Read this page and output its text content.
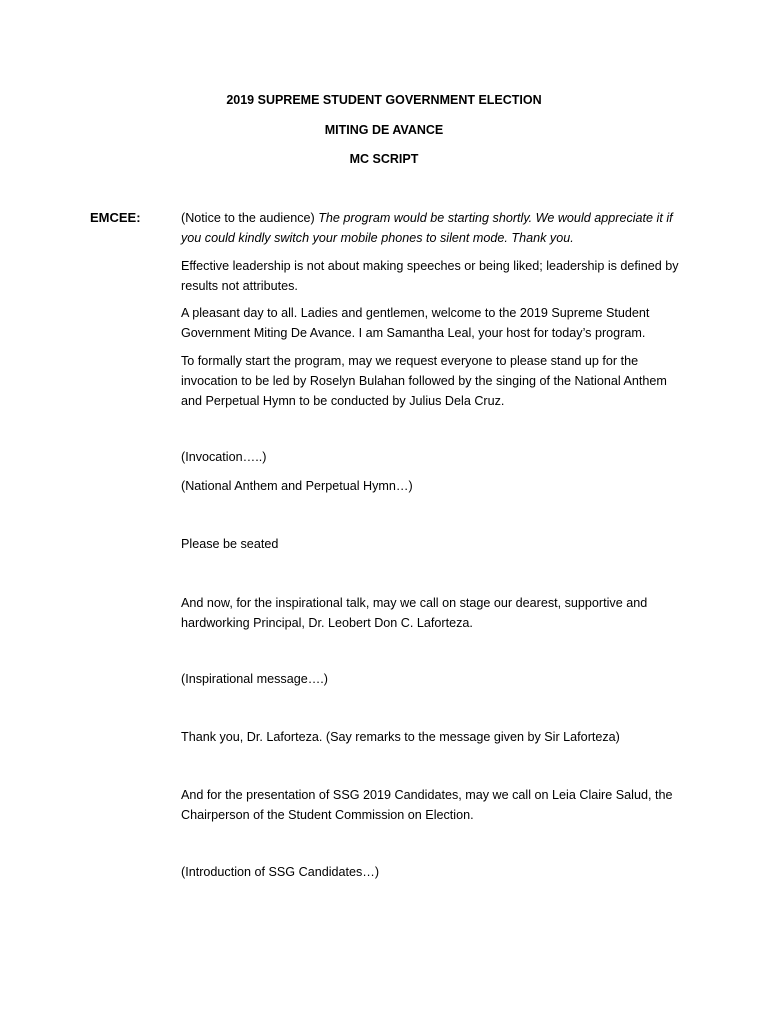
2019 SUPREME STUDENT GOVERNMENT ELECTION
MITING DE AVANCE
MC SCRIPT
EMCEE:	(Notice to the audience) The program would be starting shortly. We would appreciate it if you could kindly switch your mobile phones to silent mode. Thank you.

Effective leadership is not about making speeches or being liked; leadership is defined by results not attributes.

A pleasant day to all. Ladies and gentlemen, welcome to the 2019 Supreme Student Government Miting De Avance. I am Samantha Leal, your host for today’s program.

To formally start the program, may we request everyone to please stand up for the invocation to be led by Roselyn Bulahan followed by the singing of the National Anthem and Perpetual Hymn to be conducted by Julius Dela Cruz.

(Invocation…..)

(National Anthem and Perpetual Hymn…)

Please be seated

And now, for the inspirational talk, may we call on stage our dearest, supportive and hardworking Principal, Dr. Leobert Don C. Laforteza.

(Inspirational message….)

Thank you, Dr. Laforteza. (Say remarks to the message given by Sir Laforteza)

And for the presentation of SSG 2019 Candidates, may we call on Leia Claire Salud, the Chairperson of the Student Commission on Election.

(Introduction of SSG Candidates…)
